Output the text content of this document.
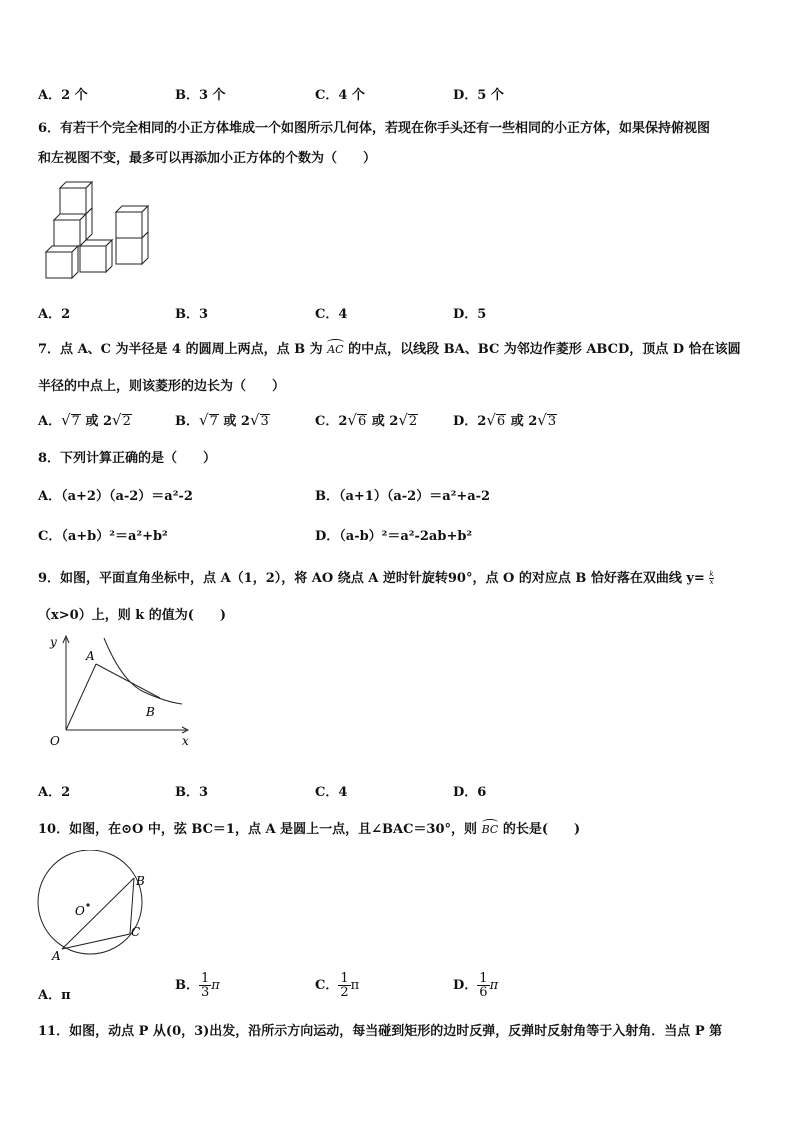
A．2 个	B．3 个	C．4 个	D．5 个
6．有若干个完全相同的小正方体堆成一个如图所示几何体，若现在你手头还有一些相同的小正方体，如果保持俯视图
和左视图不变，最多可以再添加小正方体的个数为（　　）
A．2	B．3	C．4	D．5
7．点 A、C 为半径是 4 的圆周上两点，点 B 为 AC 的中点，以线段 BA、BC 为邻边作菱形 ABCD，顶点 D 恰在该圆
半径的中点上，则该菱形的边长为（　　）
A．√7 或 2√2	B．√7 或 2√3	C．2√6 或 2√2	D．2√6 或 2√3
8．下列计算正确的是（　　）
A．（a+2）（a-2）＝a²-2	B．（a+1）（a-2）＝a²+a-2
C．（a+b）²＝a²+b²	D．（a-b）²＝a²-2ab+b²
9．如图，平面直角坐标中，点 A（1，2），将 AO 绕点 A 逆时针旋转90°，点 O 的对应点 B 恰好落在双曲线 $y= \frac{k}{x}$
（x>0）上，则 k 的值为(　　)
y
x
O
A
B
A．2	B．3	C．4	D．6
10．如图，在⊙O 中，弦 BC＝1，点 A 是圆上一点，且∠BAC＝30°，则 BC 的长是(　　)
O
B
C
A
A．π
B． $\frac{1}{3}$ π	C． $\frac{1}{2}$ π	D． $\frac{1}{6}$ π
11．如图，动点 P 从(0，3)出发，沿所示方向运动，每当碰到矩形的边时反弹，反弹时反射角等于入射角．当点 P 第
